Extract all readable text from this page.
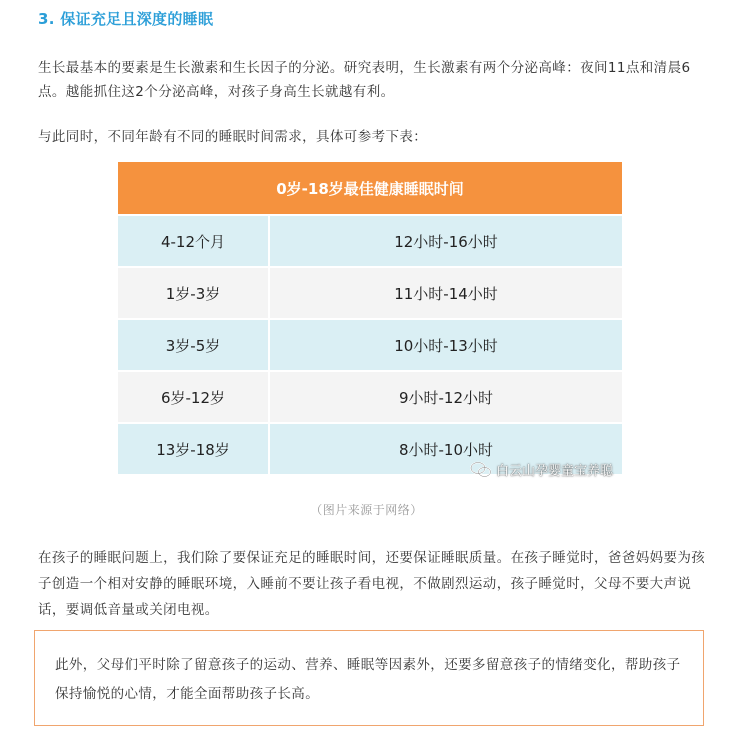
3. 保证充足且深度的睡眠
生长最基本的要素是生长激素和生长因子的分泌。研究表明，生长激素有两个分泌高峰：夜间11点和清晨6点。越能抓住这2个分泌高峰，对孩子身高生长就越有利。
与此同时，不同年龄有不同的睡眠时间需求，具体可参考下表：
0岁-18岁最佳健康睡眠时间
4-12个月	12小时-16小时
1岁-3岁	11小时-14小时
3岁-5岁	10小时-13小时
6岁-12岁	9小时-12小时
13岁-18岁	8小时-10小时
白云山孕婴童宝养聪
（图片来源于网络）
在孩子的睡眠问题上，我们除了要保证充足的睡眠时间，还要保证睡眠质量。在孩子睡觉时，爸爸妈妈要为孩子创造一个相对安静的睡眠环境，入睡前不要让孩子看电视，不做剧烈运动，孩子睡觉时，父母不要大声说话，要调低音量或关闭电视。
此外，父母们平时除了留意孩子的运动、营养、睡眠等因素外，还要多留意孩子的情绪变化，帮助孩子保持愉悦的心情，才能全面帮助孩子长高。
